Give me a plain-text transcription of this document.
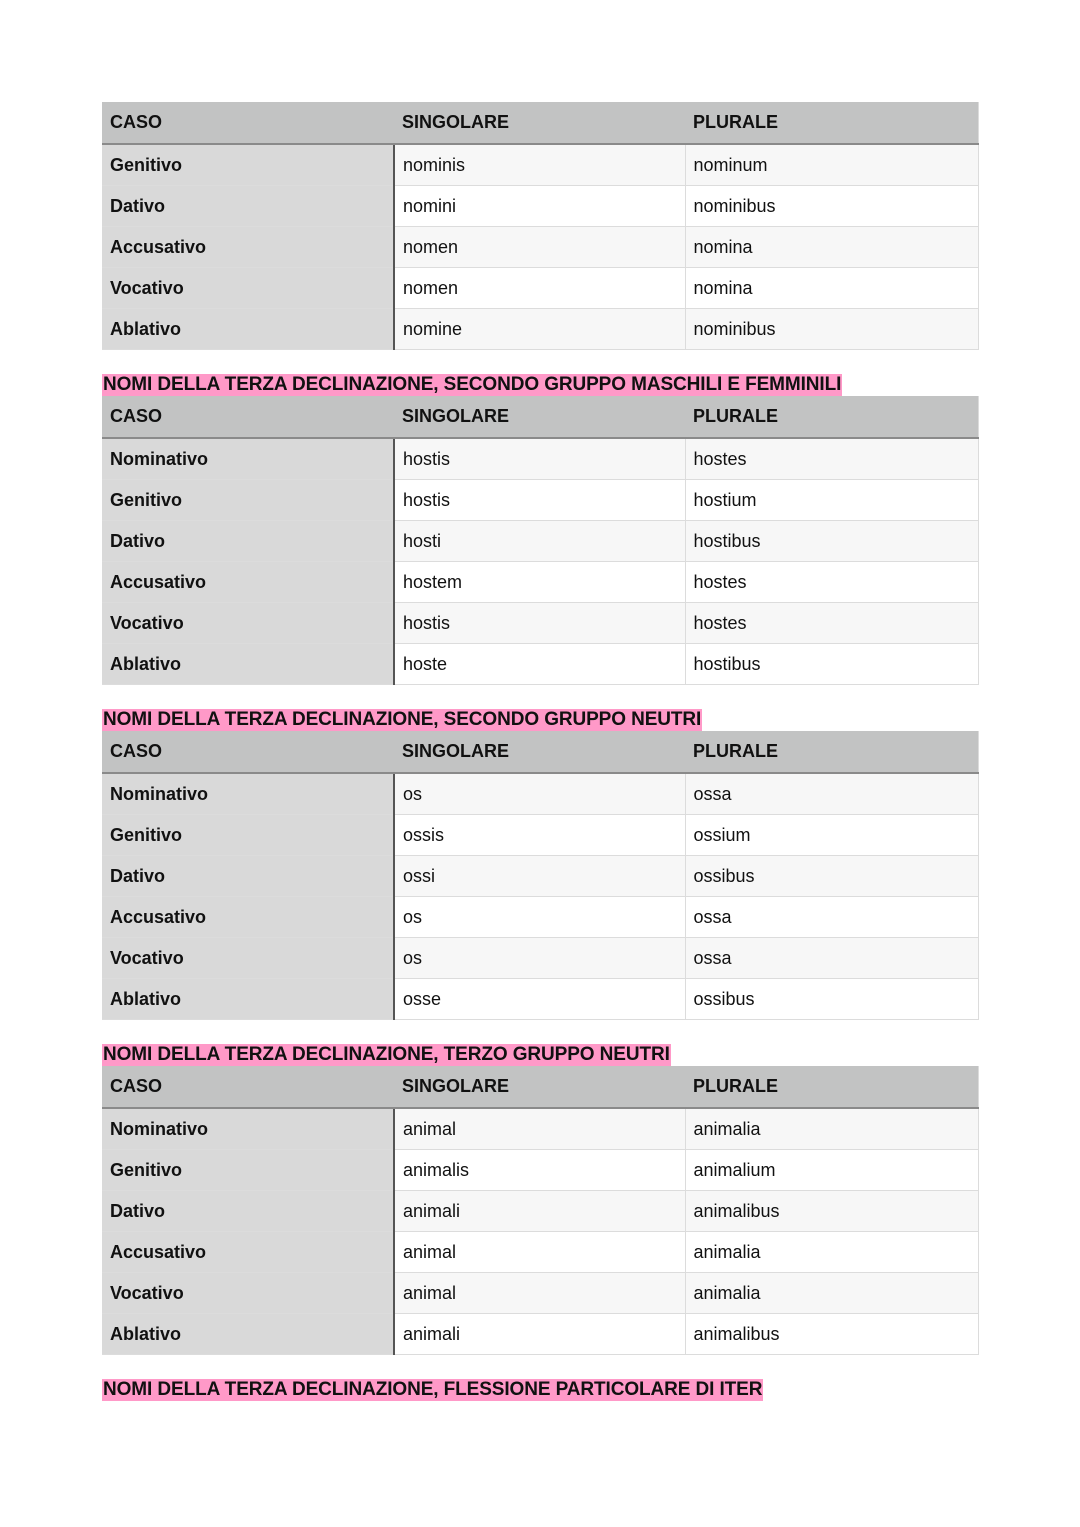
CASO	SINGOLARE	PLURALE
Genitivo	nominis	nominum
Dativo	nomini	nominibus
Accusativo	nomen	nomina
Vocativo	nomen	nomina
Ablativo	nomine	nominibus
NOMI DELLA TERZA DECLINAZIONE, SECONDO GRUPPO MASCHILI E FEMMINILI
CASO	SINGOLARE	PLURALE
Nominativo	hostis	hostes
Genitivo	hostis	hostium
Dativo	hosti	hostibus
Accusativo	hostem	hostes
Vocativo	hostis	hostes
Ablativo	hoste	hostibus
NOMI DELLA TERZA DECLINAZIONE, SECONDO GRUPPO NEUTRI
CASO	SINGOLARE	PLURALE
Nominativo	os	ossa
Genitivo	ossis	ossium
Dativo	ossi	ossibus
Accusativo	os	ossa
Vocativo	os	ossa
Ablativo	osse	ossibus
NOMI DELLA TERZA DECLINAZIONE, TERZO GRUPPO NEUTRI
CASO	SINGOLARE	PLURALE
Nominativo	animal	animalia
Genitivo	animalis	animalium
Dativo	animali	animalibus
Accusativo	animal	animalia
Vocativo	animal	animalia
Ablativo	animali	animalibus
NOMI DELLA TERZA DECLINAZIONE, FLESSIONE PARTICOLARE DI ITER
